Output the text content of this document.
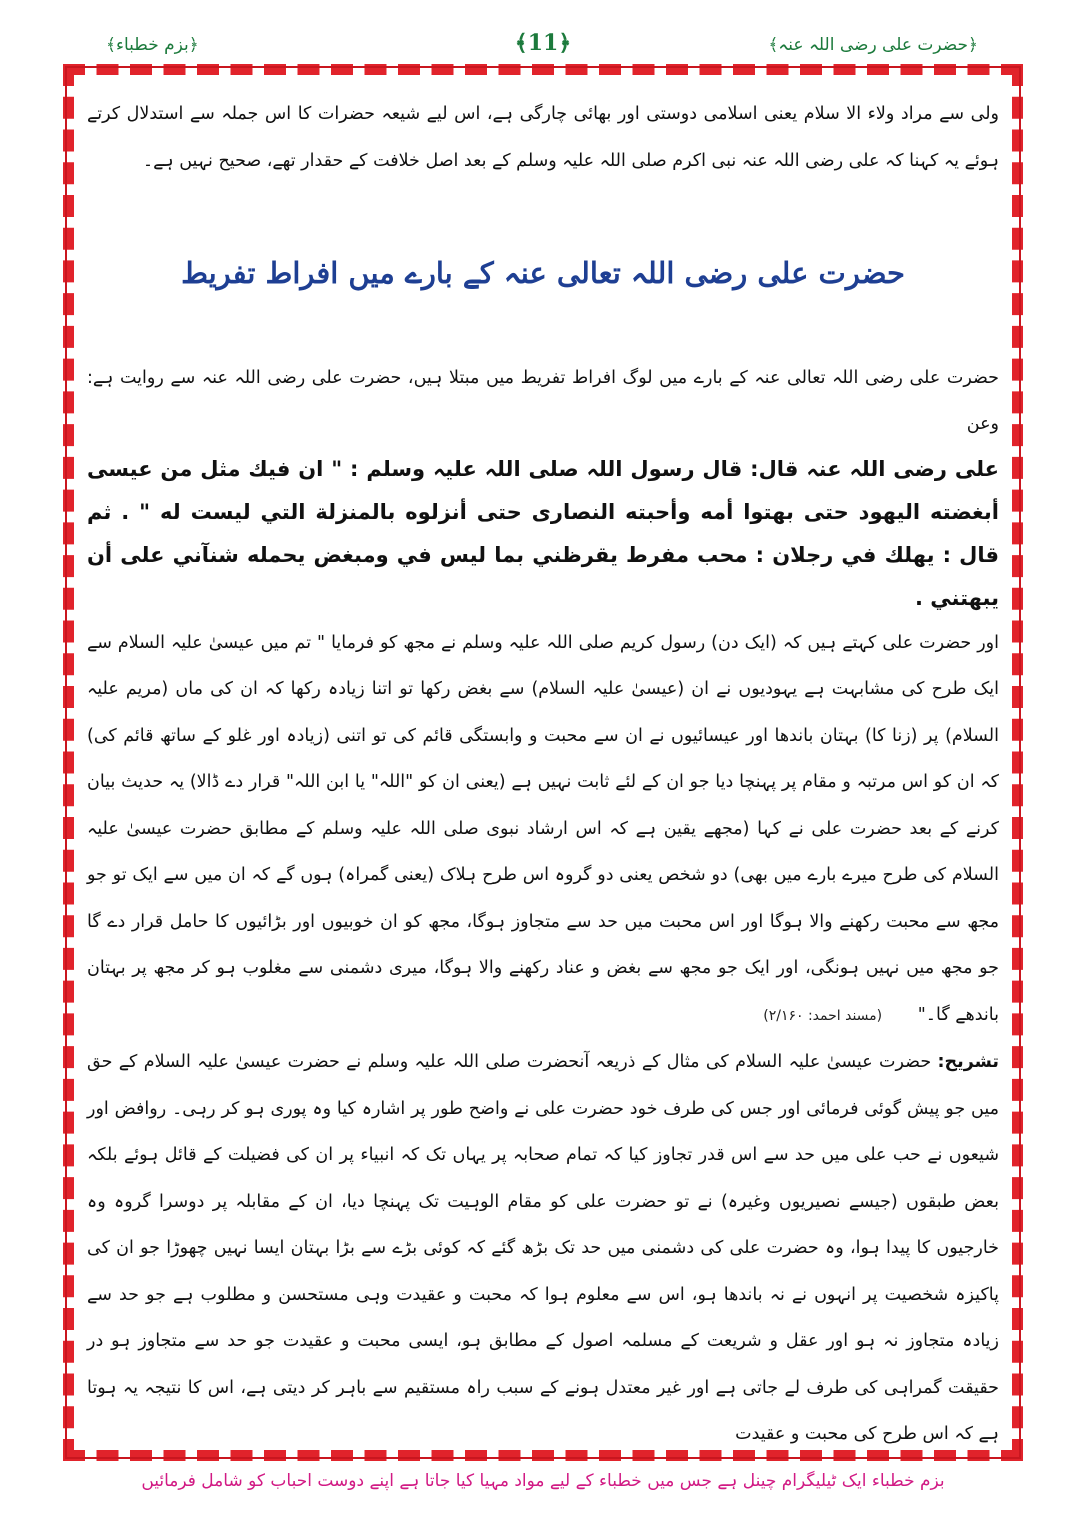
﴿حضرت علی رضی اللہ عنہ﴾
﴿11﴾
﴿بزم خطباء﴾

ولی سے مراد ولاء الا سلام یعنی اسلامی دوستی اور بھائی چارگی ہے، اس لیے شیعہ حضرات کا اس جملہ سے استدلال کرتے ہوئے یہ کہنا کہ علی رضی اللہ عنہ نبی اکرم صلی اللہ علیہ وسلم کے بعد اصل خلافت کے حقدار تھے، صحیح نہیں ہے۔

حضرت علی رضی اللہ تعالی عنہ کے بارے میں افراط تفریط

حضرت علی رضی اللہ تعالی عنہ کے بارے میں لوگ افراط تفریط میں مبتلا ہیں، حضرت علی رضی اللہ عنہ سے روایت ہے: وعن

علی رضی اللہ عنہ قال: قال رسول اللہ صلی اللہ علیہ وسلم : " ان فيك مثل من عيسى أبغضته اليهود حتى بهتوا أمه وأحبته النصارى حتى أنزلوه بالمنزلة التي ليست له " . ثم قال : يهلك في رجلان : محب مفرط يقرظني بما ليس في ومبغض يحمله شنآني على أن يبهتني .

اور حضرت علی کہتے ہیں کہ (ایک دن) رسول کریم صلی اللہ علیہ وسلم نے مجھ کو فرمایا " تم میں عیسیٰ علیہ السلام سے ایک طرح کی مشابہت ہے یہودیوں نے ان (عیسیٰ علیہ السلام) سے بغض رکھا تو اتنا زیادہ رکھا کہ ان کی ماں (مریم علیہ السلام) پر (زنا کا) بہتان باندھا اور عیسائیوں نے ان سے محبت و وابستگی قائم کی تو اتنی (زیادہ اور غلو کے ساتھ قائم کی) کہ ان کو اس مرتبہ و مقام پر پہنچا دیا جو ان کے لئے ثابت نہیں ہے (یعنی ان کو "اللہ" یا ابن اللہ" قرار دے ڈالا) یہ حدیث بیان کرنے کے بعد حضرت علی نے کہا (مجھے یقین ہے کہ اس ارشاد نبوی صلی اللہ علیہ وسلم کے مطابق حضرت عیسیٰ علیہ السلام کی طرح میرے بارے میں بھی) دو شخص یعنی دو گروہ اس طرح ہلاک (یعنی گمراہ) ہوں گے کہ ان میں سے ایک تو جو مجھ سے محبت رکھنے والا ہوگا اور اس محبت میں حد سے متجاوز ہوگا، مجھ کو ان خوبیوں اور بڑائیوں کا حامل قرار دے گا جو مجھ میں نہیں ہونگی، اور ایک جو مجھ سے بغض و عناد رکھنے والا ہوگا، میری دشمنی سے مغلوب ہو کر مجھ پر بہتان باندھے گا۔" (مسند احمد: ۲/۱۶۰)

تشریح: حضرت عیسیٰ علیہ السلام کی مثال کے ذریعہ آنحضرت صلی اللہ علیہ وسلم نے حضرت عیسیٰ علیہ السلام کے حق میں جو پیش گوئی فرمائی اور جس کی طرف خود حضرت علی نے واضح طور پر اشارہ کیا وہ پوری ہو کر رہی۔ روافض اور شیعوں نے حب علی میں حد سے اس قدر تجاوز کیا کہ تمام صحابہ پر یہاں تک کہ انبیاء پر ان کی فضیلت کے قائل ہوئے بلکہ بعض طبقوں (جیسے نصیریوں وغیرہ) نے تو حضرت علی کو مقام الوہیت تک پہنچا دیا، ان کے مقابلہ پر دوسرا گروہ وہ خارجیوں کا پیدا ہوا، وہ حضرت علی کی دشمنی میں حد تک بڑھ گئے کہ کوئی بڑے سے بڑا بہتان ایسا نہیں چھوڑا جو ان کی پاکیزہ شخصیت پر انہوں نے نہ باندھا ہو، اس سے معلوم ہوا کہ محبت و عقیدت وہی مستحسن و مطلوب ہے جو حد سے زیادہ متجاوز نہ ہو اور عقل و شریعت کے مسلمہ اصول کے مطابق ہو، ایسی محبت و عقیدت جو حد سے متجاوز ہو در حقیقت گمراہی کی طرف لے جاتی ہے اور غیر معتدل ہونے کے سبب راہ مستقیم سے باہر کر دیتی ہے، اس کا نتیجہ یہ ہوتا ہے کہ اس طرح کی محبت و عقیدت

بزم خطباء ایک ٹیلیگرام چینل ہے جس میں خطباء کے لیے مواد مہیا کیا جاتا ہے اپنے دوست احباب کو شامل فرمائیں
